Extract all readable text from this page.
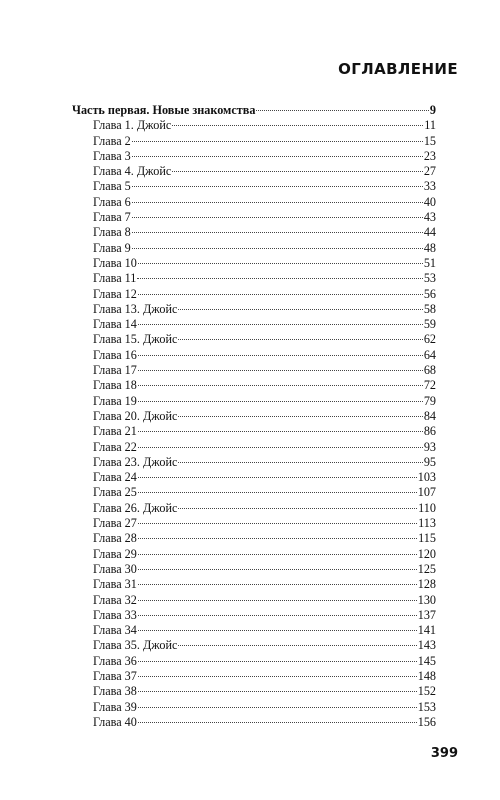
ОГЛАВЛЕНИЕ
Часть первая. Новые знакомства	9
Глава 1. Джойс	11
Глава 2	15
Глава 3	23
Глава 4. Джойс	27
Глава 5	33
Глава 6	40
Глава 7	43
Глава 8	44
Глава 9	48
Глава 10	51
Глава 11	53
Глава 12	56
Глава 13. Джойс	58
Глава 14	59
Глава 15. Джойс	62
Глава 16	64
Глава 17	68
Глава 18	72
Глава 19	79
Глава 20. Джойс	84
Глава 21	86
Глава 22	93
Глава 23. Джойс	95
Глава 24	103
Глава 25	107
Глава 26. Джойс	110
Глава 27	113
Глава 28	115
Глава 29	120
Глава 30	125
Глава 31	128
Глава 32	130
Глава 33	137
Глава 34	141
Глава 35. Джойс	143
Глава 36	145
Глава 37	148
Глава 38	152
Глава 39	153
Глава 40	156
399
